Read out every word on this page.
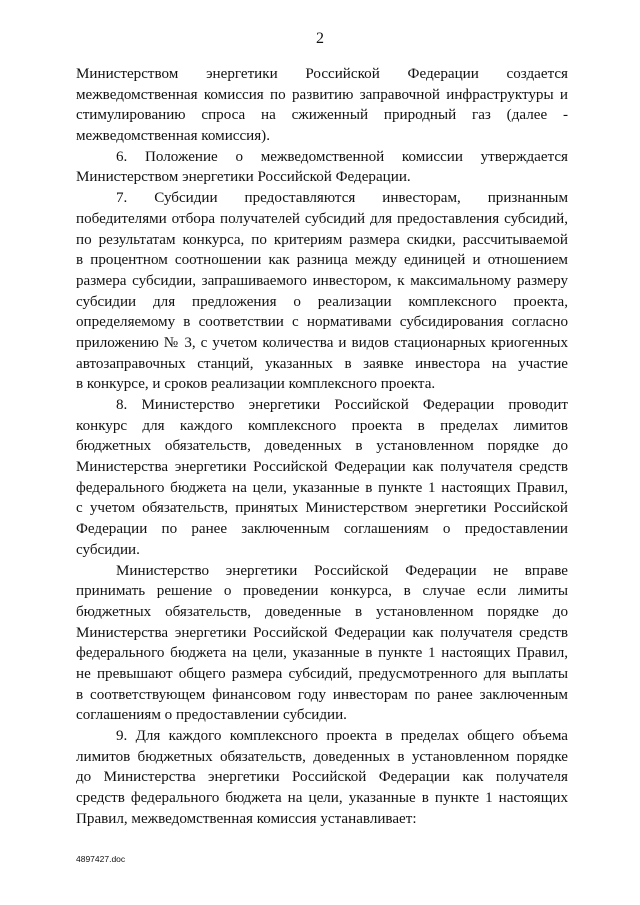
2
Министерством энергетики Российской Федерации создается
межведомственная комиссия по развитию заправочной инфраструктуры и
стимулированию спроса на сжиженный природный газ (далее -
межведомственная комиссия).
6. Положение о межведомственной комиссии утверждается
Министерством энергетики Российской Федерации.
7. Субсидии предоставляются инвесторам, признанным
победителями отбора получателей субсидий для предоставления субсидий,
по результатам конкурса, по критериям размера скидки, рассчитываемой
в процентном соотношении как разница между единицей и отношением
размера субсидии, запрашиваемого инвестором, к максимальному размеру
субсидии для предложения о реализации комплексного проекта,
определяемому в соответствии с нормативами субсидирования согласно
приложению № 3, с учетом количества и видов стационарных криогенных
автозаправочных станций, указанных в заявке инвестора на участие
в конкурсе, и сроков реализации комплексного проекта.
8. Министерство энергетики Российской Федерации проводит
конкурс для каждого комплексного проекта в пределах лимитов
бюджетных обязательств, доведенных в установленном порядке до
Министерства энергетики Российской Федерации как получателя средств
федерального бюджета на цели, указанные в пункте 1 настоящих Правил,
с учетом обязательств, принятых Министерством энергетики Российской
Федерации по ранее заключенным соглашениям о предоставлении
субсидии.
Министерство энергетики Российской Федерации не вправе
принимать решение о проведении конкурса, в случае если лимиты
бюджетных обязательств, доведенные в установленном порядке до
Министерства энергетики Российской Федерации как получателя средств
федерального бюджета на цели, указанные в пункте 1 настоящих Правил,
не превышают общего размера субсидий, предусмотренного для выплаты
в соответствующем финансовом году инвесторам по ранее заключенным
соглашениям о предоставлении субсидии.
9. Для каждого комплексного проекта в пределах общего объема
лимитов бюджетных обязательств, доведенных в установленном порядке
до Министерства энергетики Российской Федерации как получателя
средств федерального бюджета на цели, указанные в пункте 1 настоящих
Правил, межведомственная комиссия устанавливает:
4897427.doc
